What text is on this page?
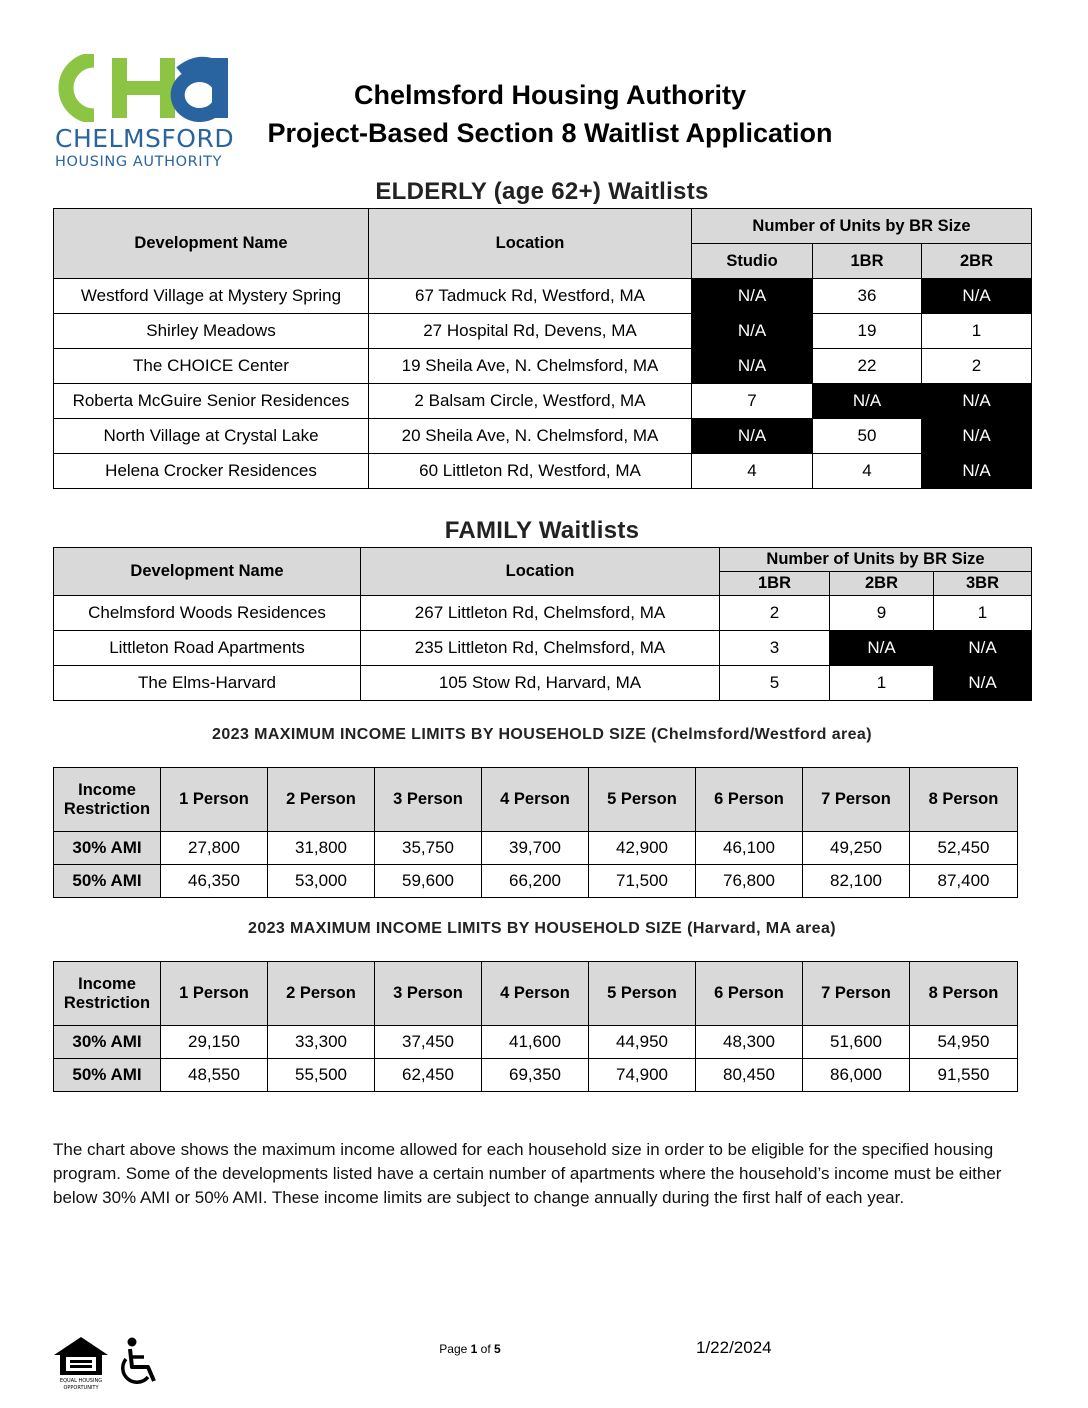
CHELMSFORD
HOUSING AUTHORITY
Chelmsford Housing Authority
Project-Based Section 8 Waitlist Application
ELDERLY (age 62+) Waitlists
Development Name	Location	Number of Units by BR Size		
		Studio	1BR	2BR
Westford Village at Mystery Spring	67 Tadmuck Rd, Westford, MA	N/A	36	N/A
Shirley Meadows	27 Hospital Rd, Devens, MA	N/A	19	1
The CHOICE Center	19 Sheila Ave, N. Chelmsford, MA	N/A	22	2
Roberta McGuire Senior Residences	2 Balsam Circle, Westford, MA	7	N/A	N/A
North Village at Crystal Lake	20 Sheila Ave, N. Chelmsford, MA	N/A	50	N/A
Helena Crocker Residences	60 Littleton Rd, Westford, MA	4	4	N/A
FAMILY Waitlists
Development Name	Location	Number of Units by BR Size		
		1BR	2BR	3BR
Chelmsford Woods Residences	267 Littleton Rd, Chelmsford, MA	2	9	1
Littleton Road Apartments	235 Littleton Rd, Chelmsford, MA	3	N/A	N/A
The Elms-Harvard	105 Stow Rd, Harvard, MA	5	1	N/A
2023 MAXIMUM INCOME LIMITS BY HOUSEHOLD SIZE (Chelmsford/Westford area)
Income Restriction	1 Person	2 Person	3 Person	4 Person	5 Person	6 Person	7 Person	8 Person
30% AMI	27,800	31,800	35,750	39,700	42,900	46,100	49,250	52,450
50% AMI	46,350	53,000	59,600	66,200	71,500	76,800	82,100	87,400
2023 MAXIMUM INCOME LIMITS BY HOUSEHOLD SIZE (Harvard, MA area)
Income Restriction	1 Person	2 Person	3 Person	4 Person	5 Person	6 Person	7 Person	8 Person
30% AMI	29,150	33,300	37,450	41,600	44,950	48,300	51,600	54,950
50% AMI	48,550	55,500	62,450	69,350	74,900	80,450	86,000	91,550
The chart above shows the maximum income allowed for each household size in order to be eligible for the specified housing program. Some of the developments listed have a certain number of apartments where the household’s income must be either below 30% AMI or 50% AMI. These income limits are subject to change annually during the first half of each year.
EQUAL HOUSING
OPPORTUNITY
Page 1 of 5	1/22/2024
